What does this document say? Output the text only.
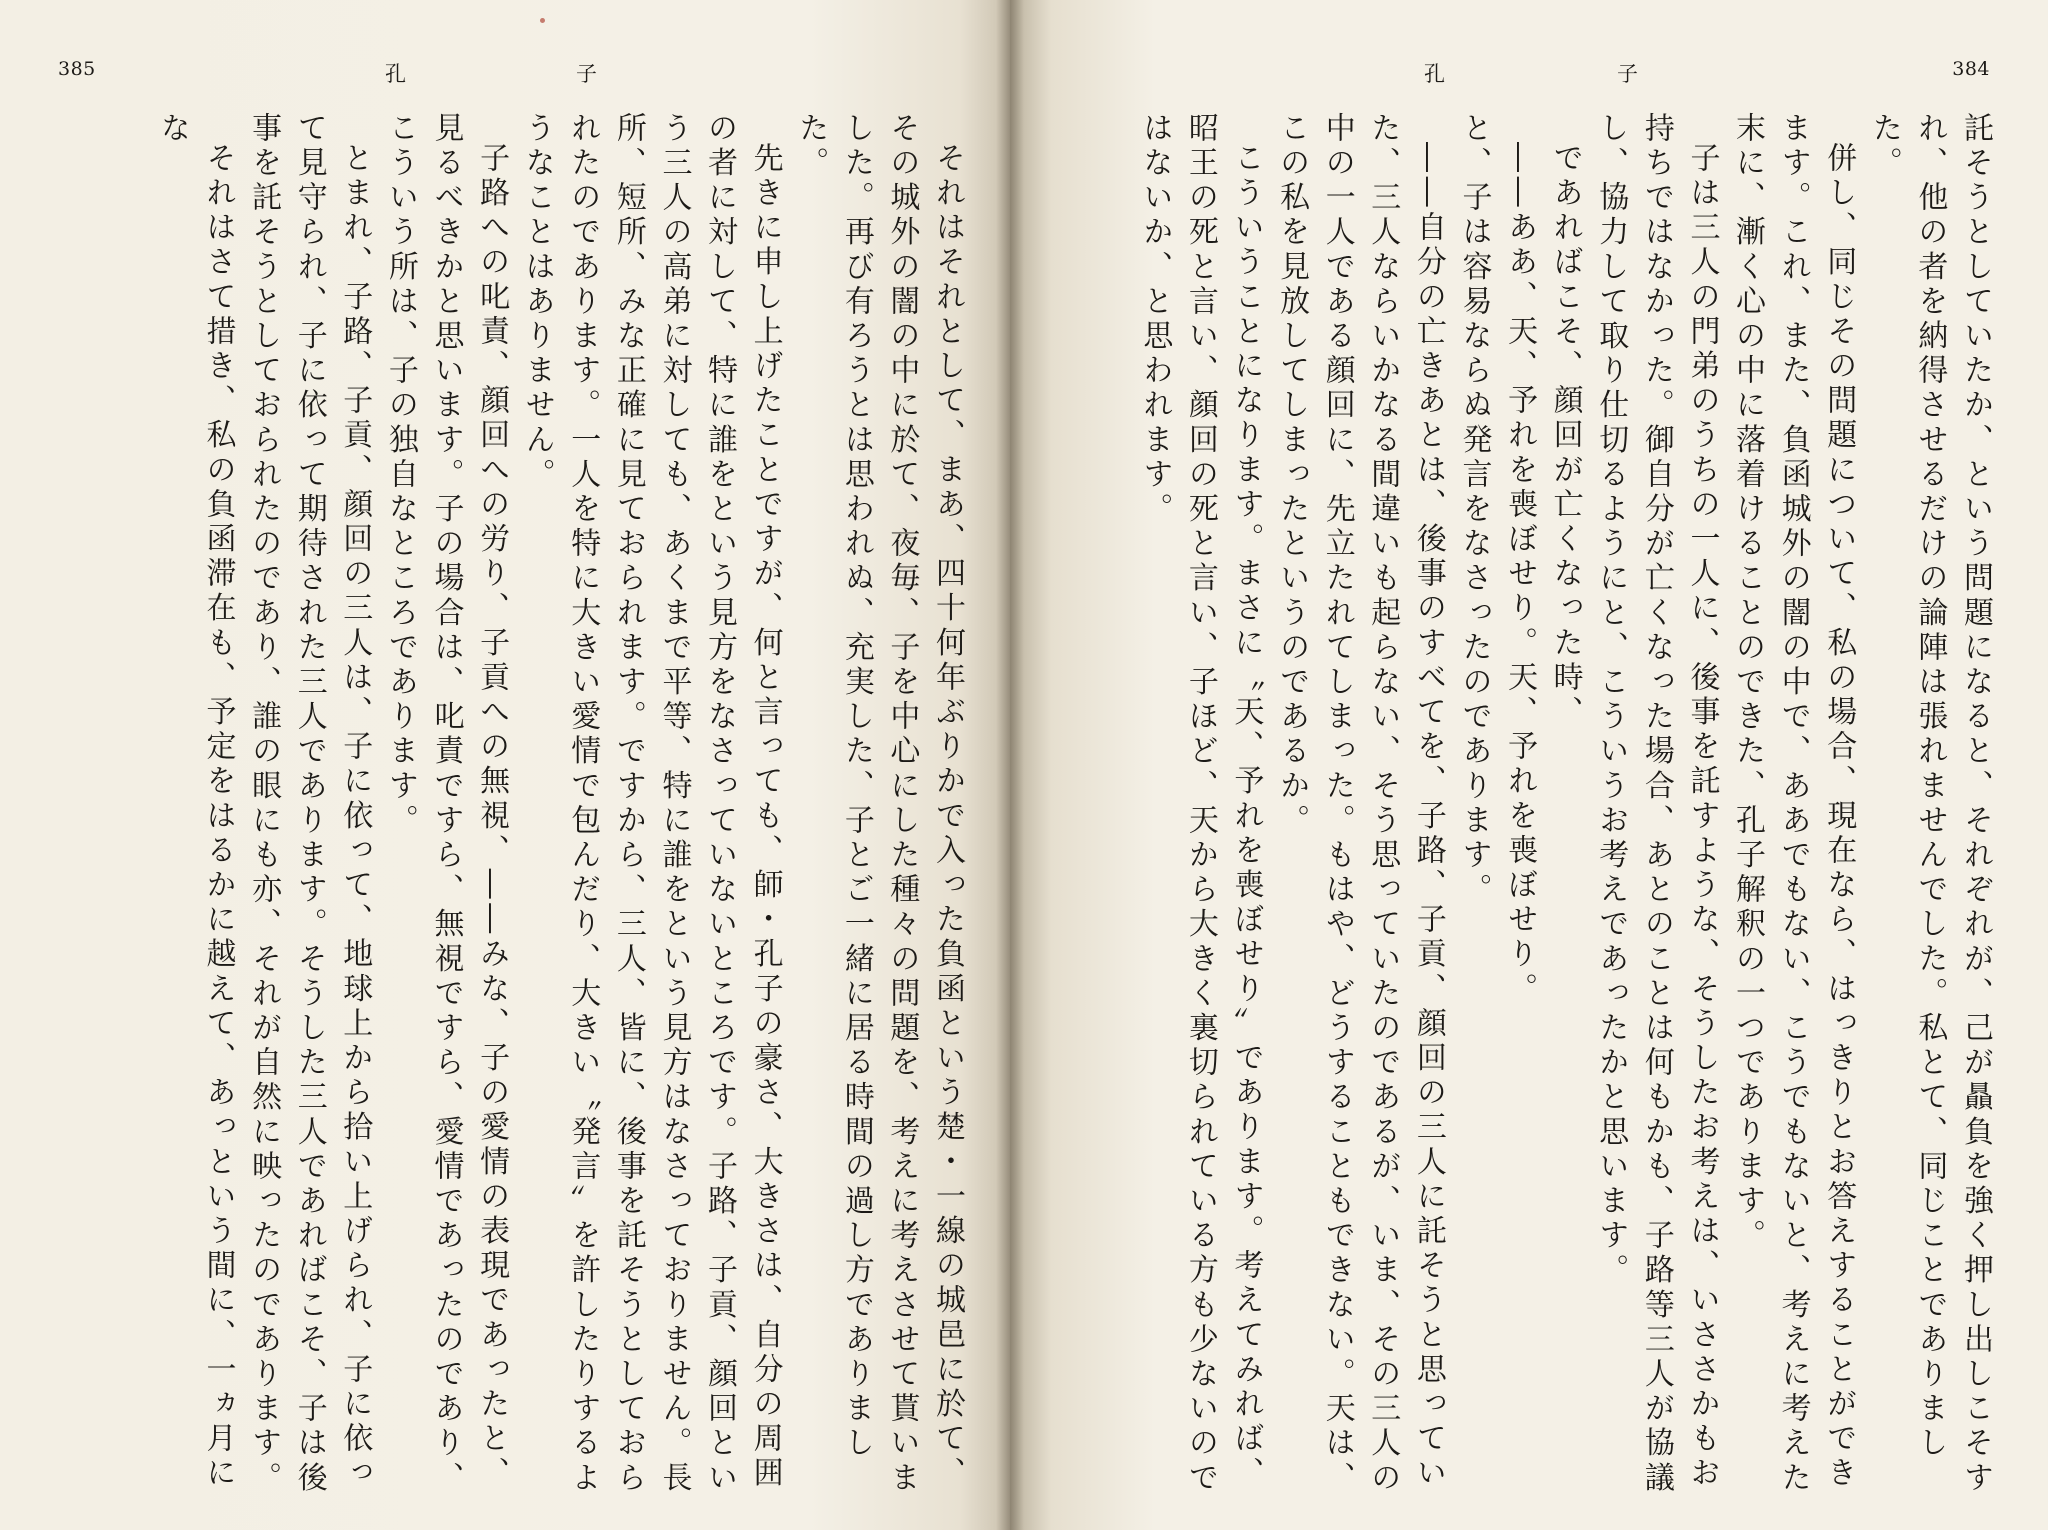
385	孔	子

それはそれとして、まあ、四十何年ぶりかで入った負函という楚・一線の城邑に於て、その城外の闇の中に於て、夜毎、子を中心にした種々の問題を、考えに考えさせて貰いました。再び有ろうとは思われぬ、充実した、子とご一緒に居る時間の過し方でありました。

先きに申し上げたことですが、何と言っても、師・孔子の豪さ、大きさは、自分の周囲の者に対して、特に誰をという見方をなさっていないところです。子路、子貢、顔回という三人の高弟に対しても、あくまで平等、特に誰をという見方はなさっておりません。長所、短所、みな正確に見ておられます。ですから、三人、皆に、後事を託そうとしておられたのであります。一人を特に大きい愛情で包んだり、大きい〝発言〟を許したりするようなことはありません。

子路への叱責、顔回への労り、子貢への無視、――みな、子の愛情の表現であったと、見るべきかと思います。子の場合は、叱責ですら、無視ですら、愛情であったのであり、こういう所は、子の独自なところであります。

とまれ、子路、子貢、顔回の三人は、子に依って、地球上から拾い上げられ、子に依って見守られ、子に依って期待された三人であります。そうした三人であればこそ、子は後事を託そうとしておられたのであり、誰の眼にも亦、それが自然に映ったのであります。

それはさて措き、私の負函滞在も、予定をはるかに越えて、あっという間に、一ヵ月にな

384
孔	子

託そうとしていたか、という問題になると、それぞれが、己が贔負を強く押し出しこそすれ、他の者を納得させるだけの論陣は張れませんでした。私とて、同じことでありました。

併し、同じその問題について、私の場合、現在なら、はっきりとお答えすることができます。これ、また、負函城外の闇の中で、ああでもない、こうでもないと、考えに考えた末に、漸く心の中に落着けることのできた、孔子解釈の一つであります。

子は三人の門弟のうちの一人に、後事を託すような、そうしたお考えは、いささかもお持ちではなかった。御自分が亡くなった場合、あとのことは何もかも、子路等三人が協議し、協力して取り仕切るようにと、こういうお考えであったかと思います。

であればこそ、顔回が亡くなった時、

――ああ、天、予れを喪ぼせり。天、予れを喪ぼせり。

と、子は容易ならぬ発言をなさったのであります。

――自分の亡きあとは、後事のすべてを、子路、子貢、顔回の三人に託そうと思っていた、三人ならいかなる間違いも起らない、そう思っていたのであるが、いま、その三人の中の一人である顔回に、先立たれてしまった。もはや、どうすることもできない。天は、この私を見放してしまったというのであるか。

こういうことになります。まさに〝天、予れを喪ぼせり〟であります。考えてみれば、昭王の死と言い、顔回の死と言い、子ほど、天から大きく裏切られている方も少ないのではないか、と思われます。
